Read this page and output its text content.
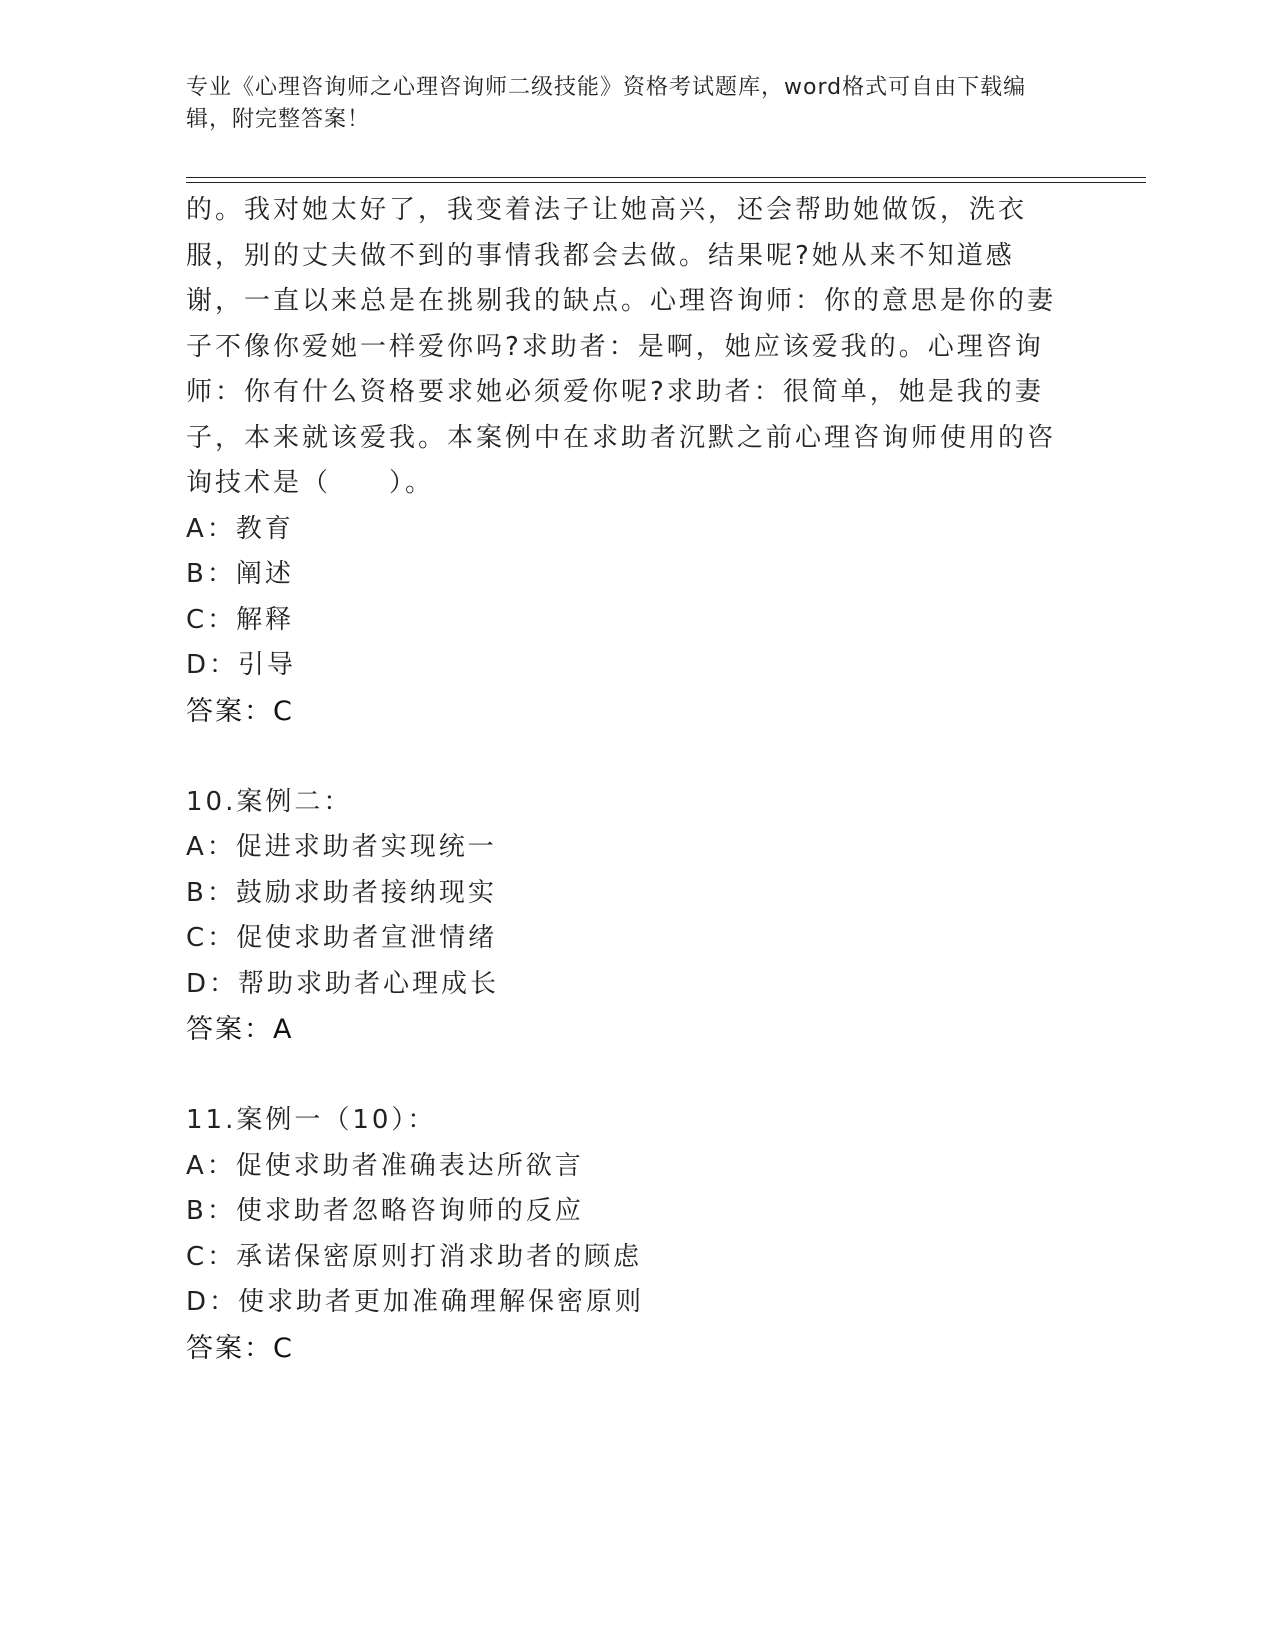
专业《心理咨询师之心理咨询师二级技能》资格考试题库，word格式可自由下载编辑，附完整答案！

的。我对她太好了，我变着法子让她高兴，还会帮助她做饭，洗衣服，别的丈夫做不到的事情我都会去做。结果呢?她从来不知道感谢，一直以来总是在挑剔我的缺点。心理咨询师：你的意思是你的妻子不像你爱她一样爱你吗?求助者：是啊，她应该爱我的。心理咨询师：你有什么资格要求她必须爱你呢?求助者：很简单，她是我的妻子，本来就该爱我。本案例中在求助者沉默之前心理咨询师使用的咨询技术是（　　）。

A：教育

B：阐述

C：解释

D：引导

答案：C

10.案例二：

A：促进求助者实现统一

B：鼓励求助者接纳现实

C：促使求助者宣泄情绪

D：帮助求助者心理成长

答案：A

11.案例一（10）：

A：促使求助者准确表达所欲言

B：使求助者忽略咨询师的反应

C：承诺保密原则打消求助者的顾虑

D：使求助者更加准确理解保密原则

答案：C
